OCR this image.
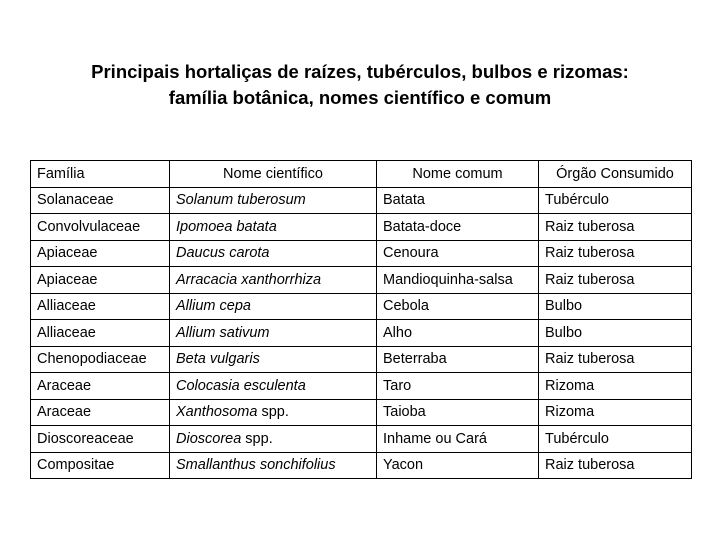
Principais hortaliças de raízes, tubérculos, bulbos e rizomas:
família botânica, nomes científico e comum
Família	Nome científico	Nome comum	Órgão Consumido
Solanaceae	Solanum tuberosum	Batata	Tubérculo
Convolvulaceae	Ipomoea batata	Batata-doce	Raiz tuberosa
Apiaceae	Daucus carota	Cenoura	Raiz tuberosa
Apiaceae	Arracacia xanthorrhiza	Mandioquinha-salsa	Raiz tuberosa
Alliaceae	Allium cepa	Cebola	Bulbo
Alliaceae	Allium sativum	Alho	Bulbo
Chenopodiaceae	Beta vulgaris	Beterraba	Raiz tuberosa
Araceae	Colocasia esculenta	Taro	Rizoma
Araceae	Xanthosoma spp.	Taioba	Rizoma
Dioscoreaceae	Dioscorea spp.	Inhame ou Cará	Tubérculo
Compositae	Smallanthus sonchifolius	Yacon	Raiz tuberosa
